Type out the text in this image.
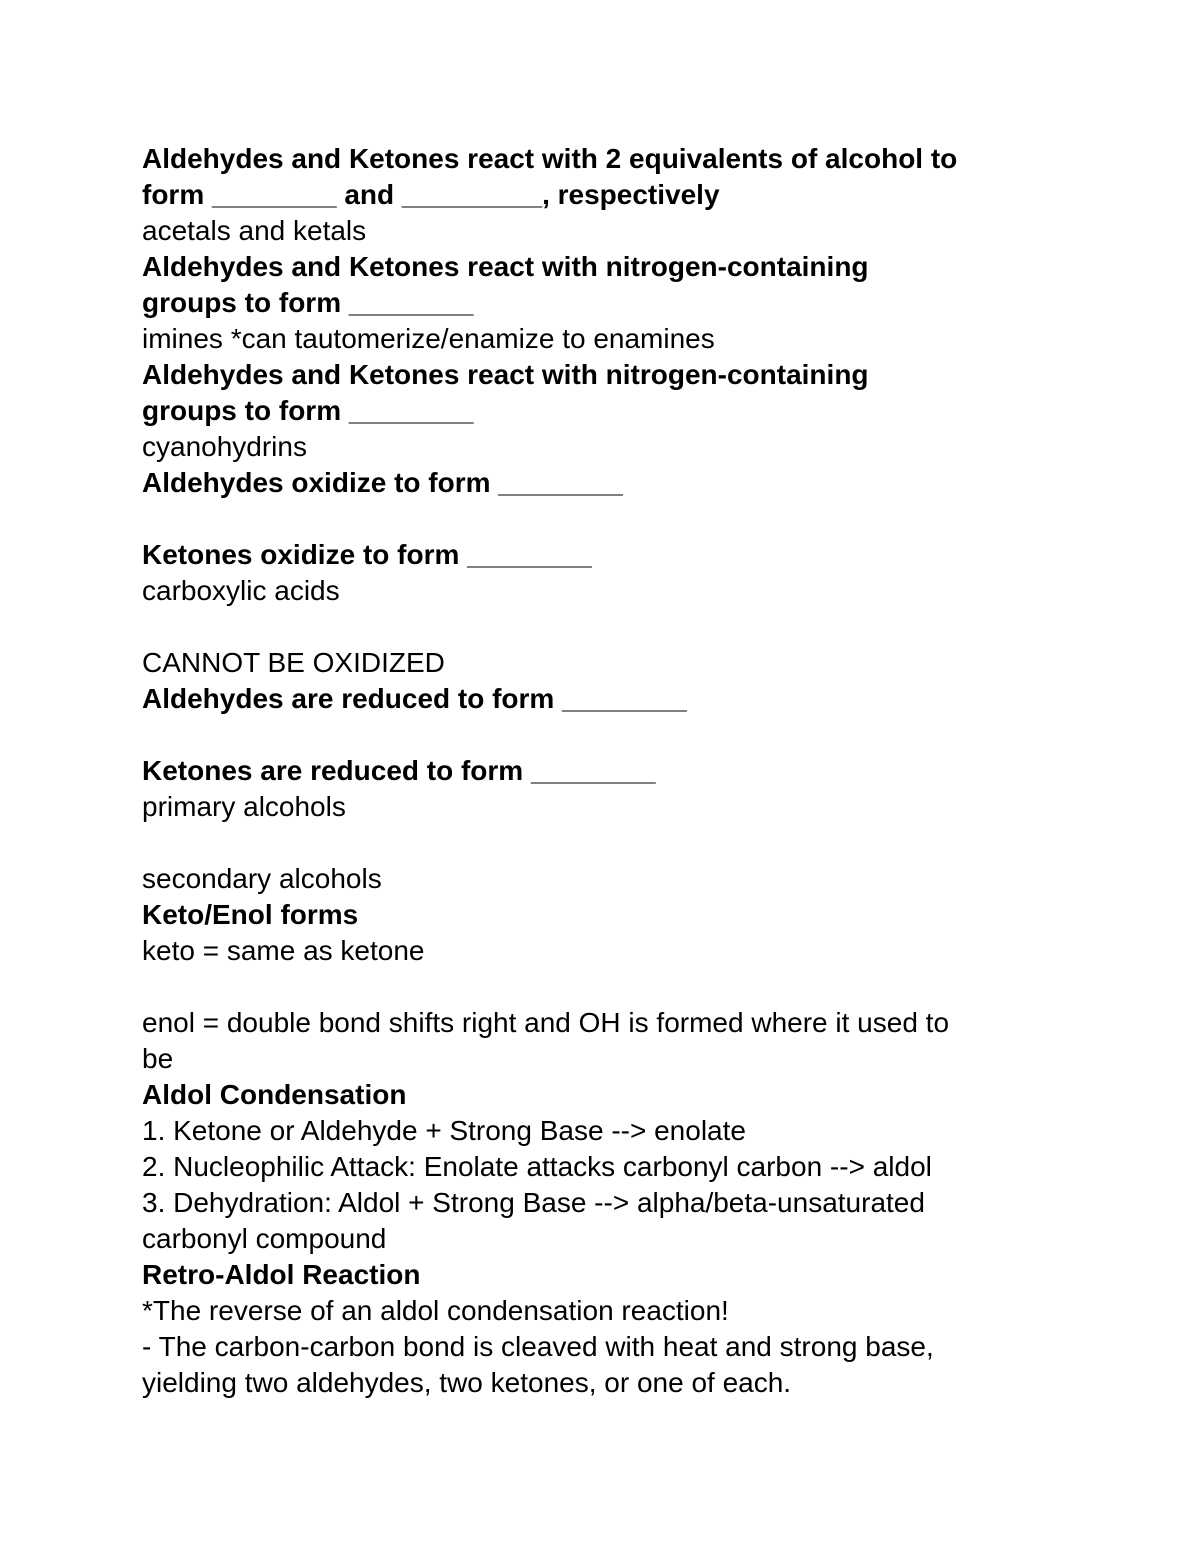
Aldehydes and Ketones react with 2 equivalents of alcohol to
form ________ and _________, respectively
acetals and ketals
Aldehydes and Ketones react with nitrogen-containing
groups to form ________
imines *can tautomerize/enamize to enamines
Aldehydes and Ketones react with nitrogen-containing
groups to form ________
cyanohydrins
Aldehydes oxidize to form ________
Ketones oxidize to form ________
carboxylic acids
CANNOT BE OXIDIZED
Aldehydes are reduced to form ________
Ketones are reduced to form ________
primary alcohols
secondary alcohols
Keto/Enol forms
keto = same as ketone
enol = double bond shifts right and OH is formed where it used to
be
Aldol Condensation
1. Ketone or Aldehyde + Strong Base --> enolate
2. Nucleophilic Attack: Enolate attacks carbonyl carbon --> aldol
3. Dehydration: Aldol + Strong Base --> alpha/beta-unsaturated
carbonyl compound
Retro-Aldol Reaction
*The reverse of an aldol condensation reaction!
- The carbon-carbon bond is cleaved with heat and strong base,
yielding two aldehydes, two ketones, or one of each.
